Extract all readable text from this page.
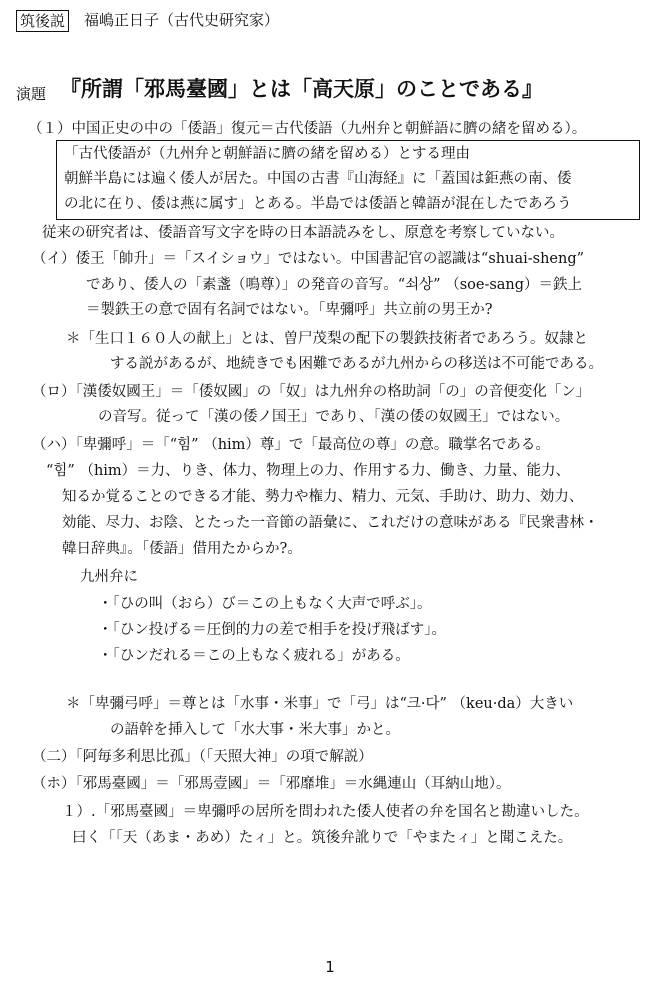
筑後説 福嶋正日子（古代史研究家）
演題 『所謂「邪馬臺國」とは「高天原」のことである』
（１）中国正史の中の「倭語」復元＝古代倭語（九州弁と朝鮮語に臍の緒を留める）。
「古代倭語が（九州弁と朝鮮語に臍の緒を留める）とする理由
朝鮮半島には遍く倭人が居た。中国の古書『山海経』に「蓋国は鉅燕の南、倭
の北に在り、倭は燕に属す」とある。半島では倭語と韓語が混在したであろう
従来の研究者は、倭語音写文字を時の日本語読みをし、原意を考察していない。
（イ）倭王「帥升」＝「スイショウ」ではない。中国書記官の認識は“shuai-sheng”
であり、倭人の「素盞（鳴尊）」の発音の音写。“쇠상” （soe-sang）＝鉄上
＝製鉄王の意で固有名詞ではない。「卑彌呼」共立前の男王か?
＊「生口１６０人の献上」とは、曽尸茂梨の配下の製鉄技術者であろう。奴隷と
する説があるが、地続きでも困難であるが九州からの移送は不可能である。
（ロ）「漢倭奴國王」＝「倭奴國」の「奴」は九州弁の格助詞「の」の音便変化「ン」
の音写。従って「漢の倭ノ国王」であり、「漢の倭の奴國王」ではない。
（ハ）「卑彌呼」＝「“힘” （him）尊」で「最高位の尊」の意。職掌名である。
“힘” （him）＝力、りき、体力、物理上の力、作用する力、働き、力量、能力、
知るか覚ることのできる才能、勢力や権力、精力、元気、手助け、助力、効力、
効能、尽力、お陰、とたった一音節の語彙に、これだけの意味がある『民衆書林・
韓日辞典』。「倭語」借用たからか?。
九州弁に
・「ひの叫（おら）び＝この上もなく大声で呼ぶ」。
・「ひン投げる＝圧倒的力の差で相手を投げ飛ばす」。
・「ひンだれる＝この上もなく疲れる」がある。
＊「卑彌弓呼」＝尊とは「水事・米事」で「弓」は“크·다” （keu·da）大きい
の語幹を挿入して「水大事・米大事」かと。
（二）「阿毎多利思比孤」（「天照大神」の項で解説）
（ホ）「邪馬臺國」＝「邪馬壹國」＝「邪靡堆」＝水縄連山（耳納山地）。
１）.「邪馬臺國」＝卑彌呼の居所を問われた倭人使者の弁を国名と勘違いした。
曰く「「天（あま・あめ）たィ」と。筑後弁訛りで「やまたィ」と聞こえた。
1
